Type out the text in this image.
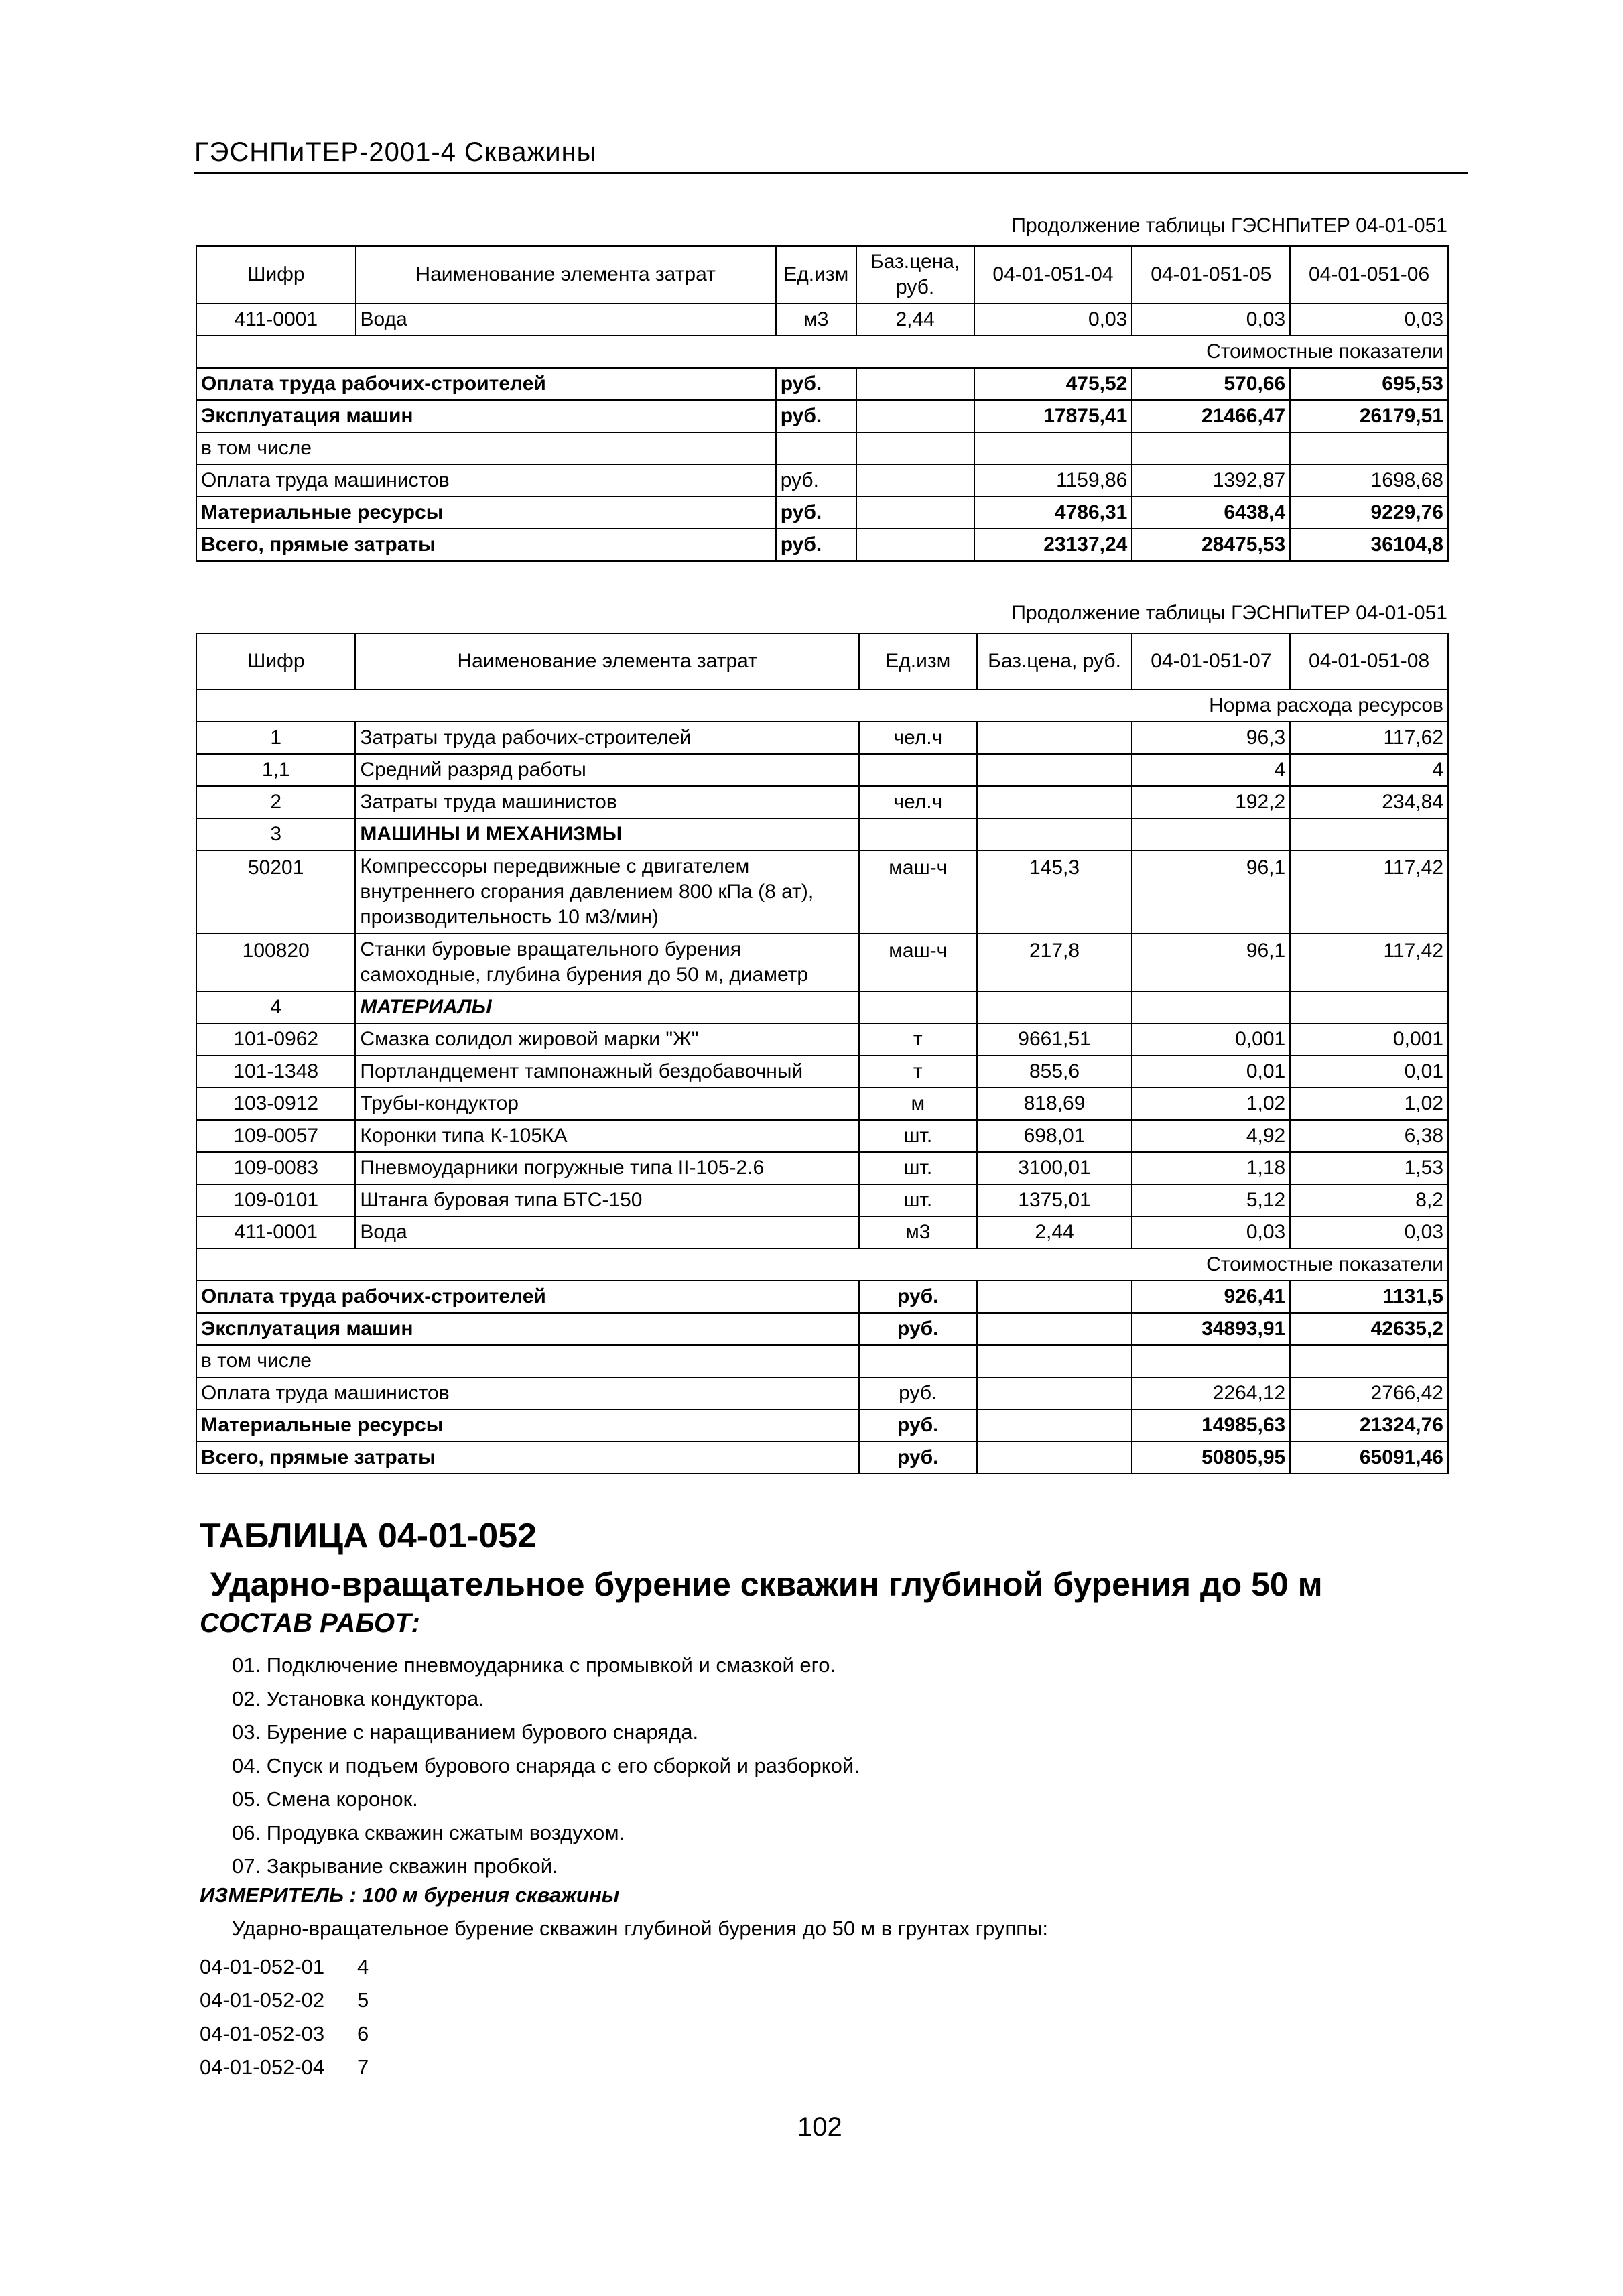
ГЭСНПиТЕР-2001-4 Скважины
Продолжение таблицы ГЭСНПиТЕР 04-01-051
Шифр	Наименование элемента затрат	Ед.изм	Баз.цена, руб.	04-01-051-04	04-01-051-05	04-01-051-06
411-0001	Вода	м3	2,44	0,03	0,03	0,03
Стоимостные показатели						
Оплата труда рабочих-строителей		руб.		475,52	570,66	695,53
Эксплуатация машин		руб.		17875,41	21466,47	26179,51
в том числе						
Оплата труда машинистов		руб.		1159,86	1392,87	1698,68
Материальные ресурсы		руб.		4786,31	6438,4	9229,76
Всего, прямые затраты		руб.		23137,24	28475,53	36104,8
Продолжение таблицы ГЭСНПиТЕР 04-01-051
Шифр	Наименование элемента затрат	Ед.изм	Баз.цена, руб.	04-01-051-07	04-01-051-08
Норма расхода ресурсов					
1	Затраты труда рабочих-строителей	чел.ч		96,3	117,62
1,1	Средний разряд работы			4	4
2	Затраты труда машинистов	чел.ч		192,2	234,84
3	МАШИНЫ И МЕХАНИЗМЫ				
50201	Компрессоры передвижные с двигателем внутреннего сгорания давлением 800 кПа (8 ат), производительность 10 м3/мин)	маш-ч	145,3	96,1	117,42
100820	Станки буровые вращательного бурения самоходные, глубина бурения до 50 м, диаметр	маш-ч	217,8	96,1	117,42
4	МАТЕРИАЛЫ				
101-0962	Смазка солидол жировой марки "Ж"	т	9661,51	0,001	0,001
101-1348	Портландцемент тампонажный бездобавочный	т	855,6	0,01	0,01
103-0912	Трубы-кондуктор	м	818,69	1,02	1,02
109-0057	Коронки типа К-105КА	шт.	698,01	4,92	6,38
109-0083	Пневмоударники погружные типа II-105-2.6	шт.	3100,01	1,18	1,53
109-0101	Штанга буровая типа БТС-150	шт.	1375,01	5,12	8,2
411-0001	Вода	м3	2,44	0,03	0,03
Стоимостные показатели					
Оплата труда рабочих-строителей		руб.		926,41	1131,5
Эксплуатация машин		руб.		34893,91	42635,2
в том числе					
Оплата труда машинистов		руб.		2264,12	2766,42
Материальные ресурсы		руб.		14985,63	21324,76
Всего, прямые затраты		руб.		50805,95	65091,46
ТАБЛИЦА 04-01-052
Ударно-вращательное бурение скважин глубиной бурения до 50 м
СОСТАВ РАБОТ:
01. Подключение пневмоударника с промывкой и смазкой его.
02. Установка кондуктора.
03. Бурение с наращиванием бурового снаряда.
04. Спуск и подъем бурового снаряда с его сборкой и разборкой.
05. Смена коронок.
06. Продувка скважин сжатым воздухом.
07. Закрывание скважин пробкой.
ИЗМЕРИТЕЛЬ : 100 м бурения скважины
Ударно-вращательное бурение скважин глубиной бурения до 50 м в грунтах группы:
04-01-052-01 4
04-01-052-02 5
04-01-052-03 6
04-01-052-04 7
102
